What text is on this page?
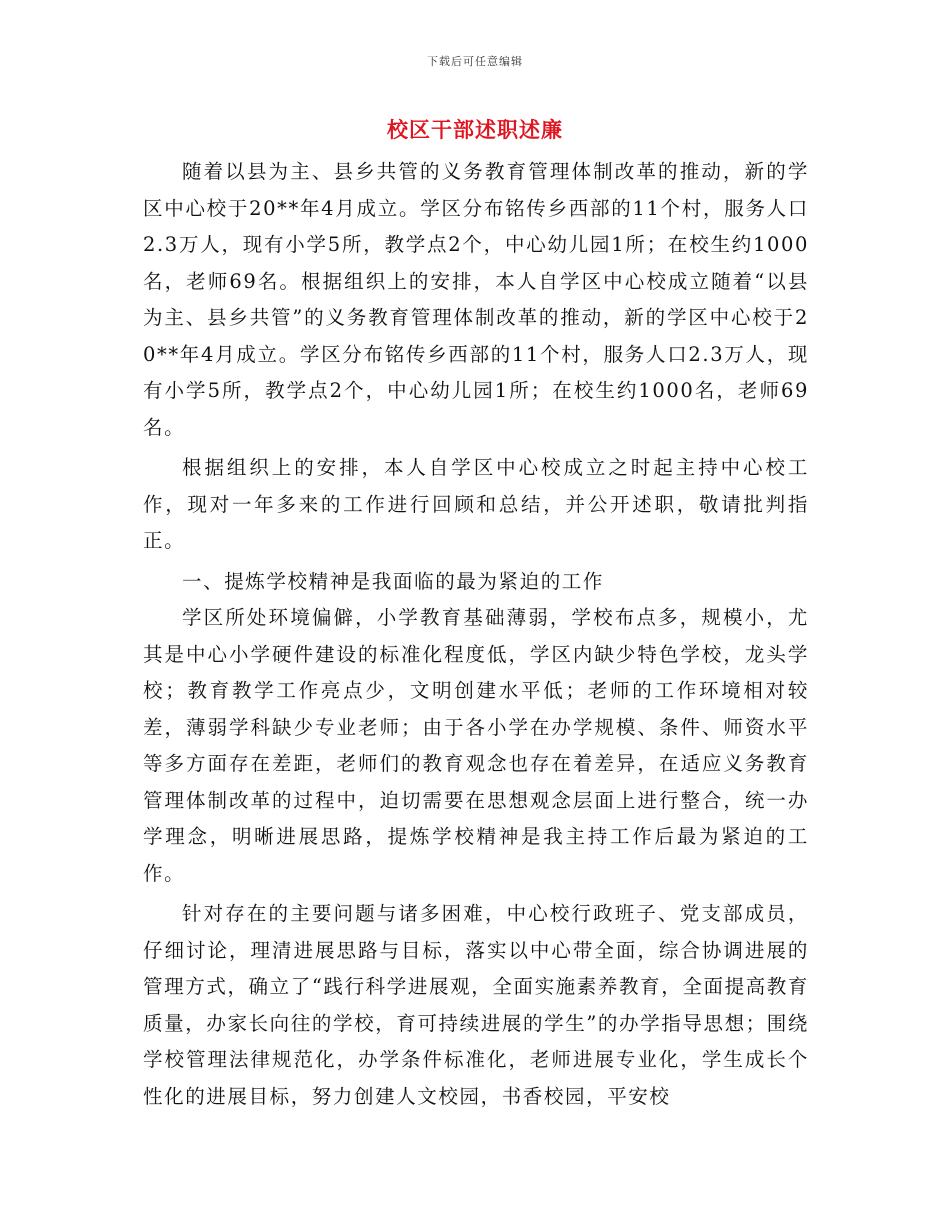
下载后可任意编辑
校区干部述职述廉

随着以县为主、县乡共管的义务教育管理体制改革的推动，新的学区中心校于20**年4月成立。学区分布铭传乡西部的11个村，服务人口2.3万人，现有小学5所，教学点2个，中心幼儿园1所；在校生约1000名，老师69名。根据组织上的安排，本人自学区中心校成立随着“以县为主、县乡共管”的义务教育管理体制改革的推动，新的学区中心校于20**年4月成立。学区分布铭传乡西部的11个村，服务人口2.3万人，现有小学5所，教学点2个，中心幼儿园1所；在校生约1000名，老师69名。

根据组织上的安排，本人自学区中心校成立之时起主持中心校工作，现对一年多来的工作进行回顾和总结，并公开述职，敬请批判指正。

一、提炼学校精神是我面临的最为紧迫的工作

学区所处环境偏僻，小学教育基础薄弱，学校布点多，规模小，尤其是中心小学硬件建设的标准化程度低，学区内缺少特色学校，龙头学校；教育教学工作亮点少，文明创建水平低；老师的工作环境相对较差，薄弱学科缺少专业老师；由于各小学在办学规模、条件、师资水平等多方面存在差距，老师们的教育观念也存在着差异，在适应义务教育管理体制改革的过程中，迫切需要在思想观念层面上进行整合，统一办学理念，明晰进展思路，提炼学校精神是我主持工作后最为紧迫的工作。

针对存在的主要问题与诸多困难，中心校行政班子、党支部成员，仔细讨论，理清进展思路与目标，落实以中心带全面，综合协调进展的管理方式，确立了“践行科学进展观，全面实施素养教育，全面提高教育质量，办家长向往的学校，育可持续进展的学生”的办学指导思想；围绕学校管理法律规范化，办学条件标准化，老师进展专业化，学生成长个性化的进展目标，努力创建人文校园，书香校园，平安校
